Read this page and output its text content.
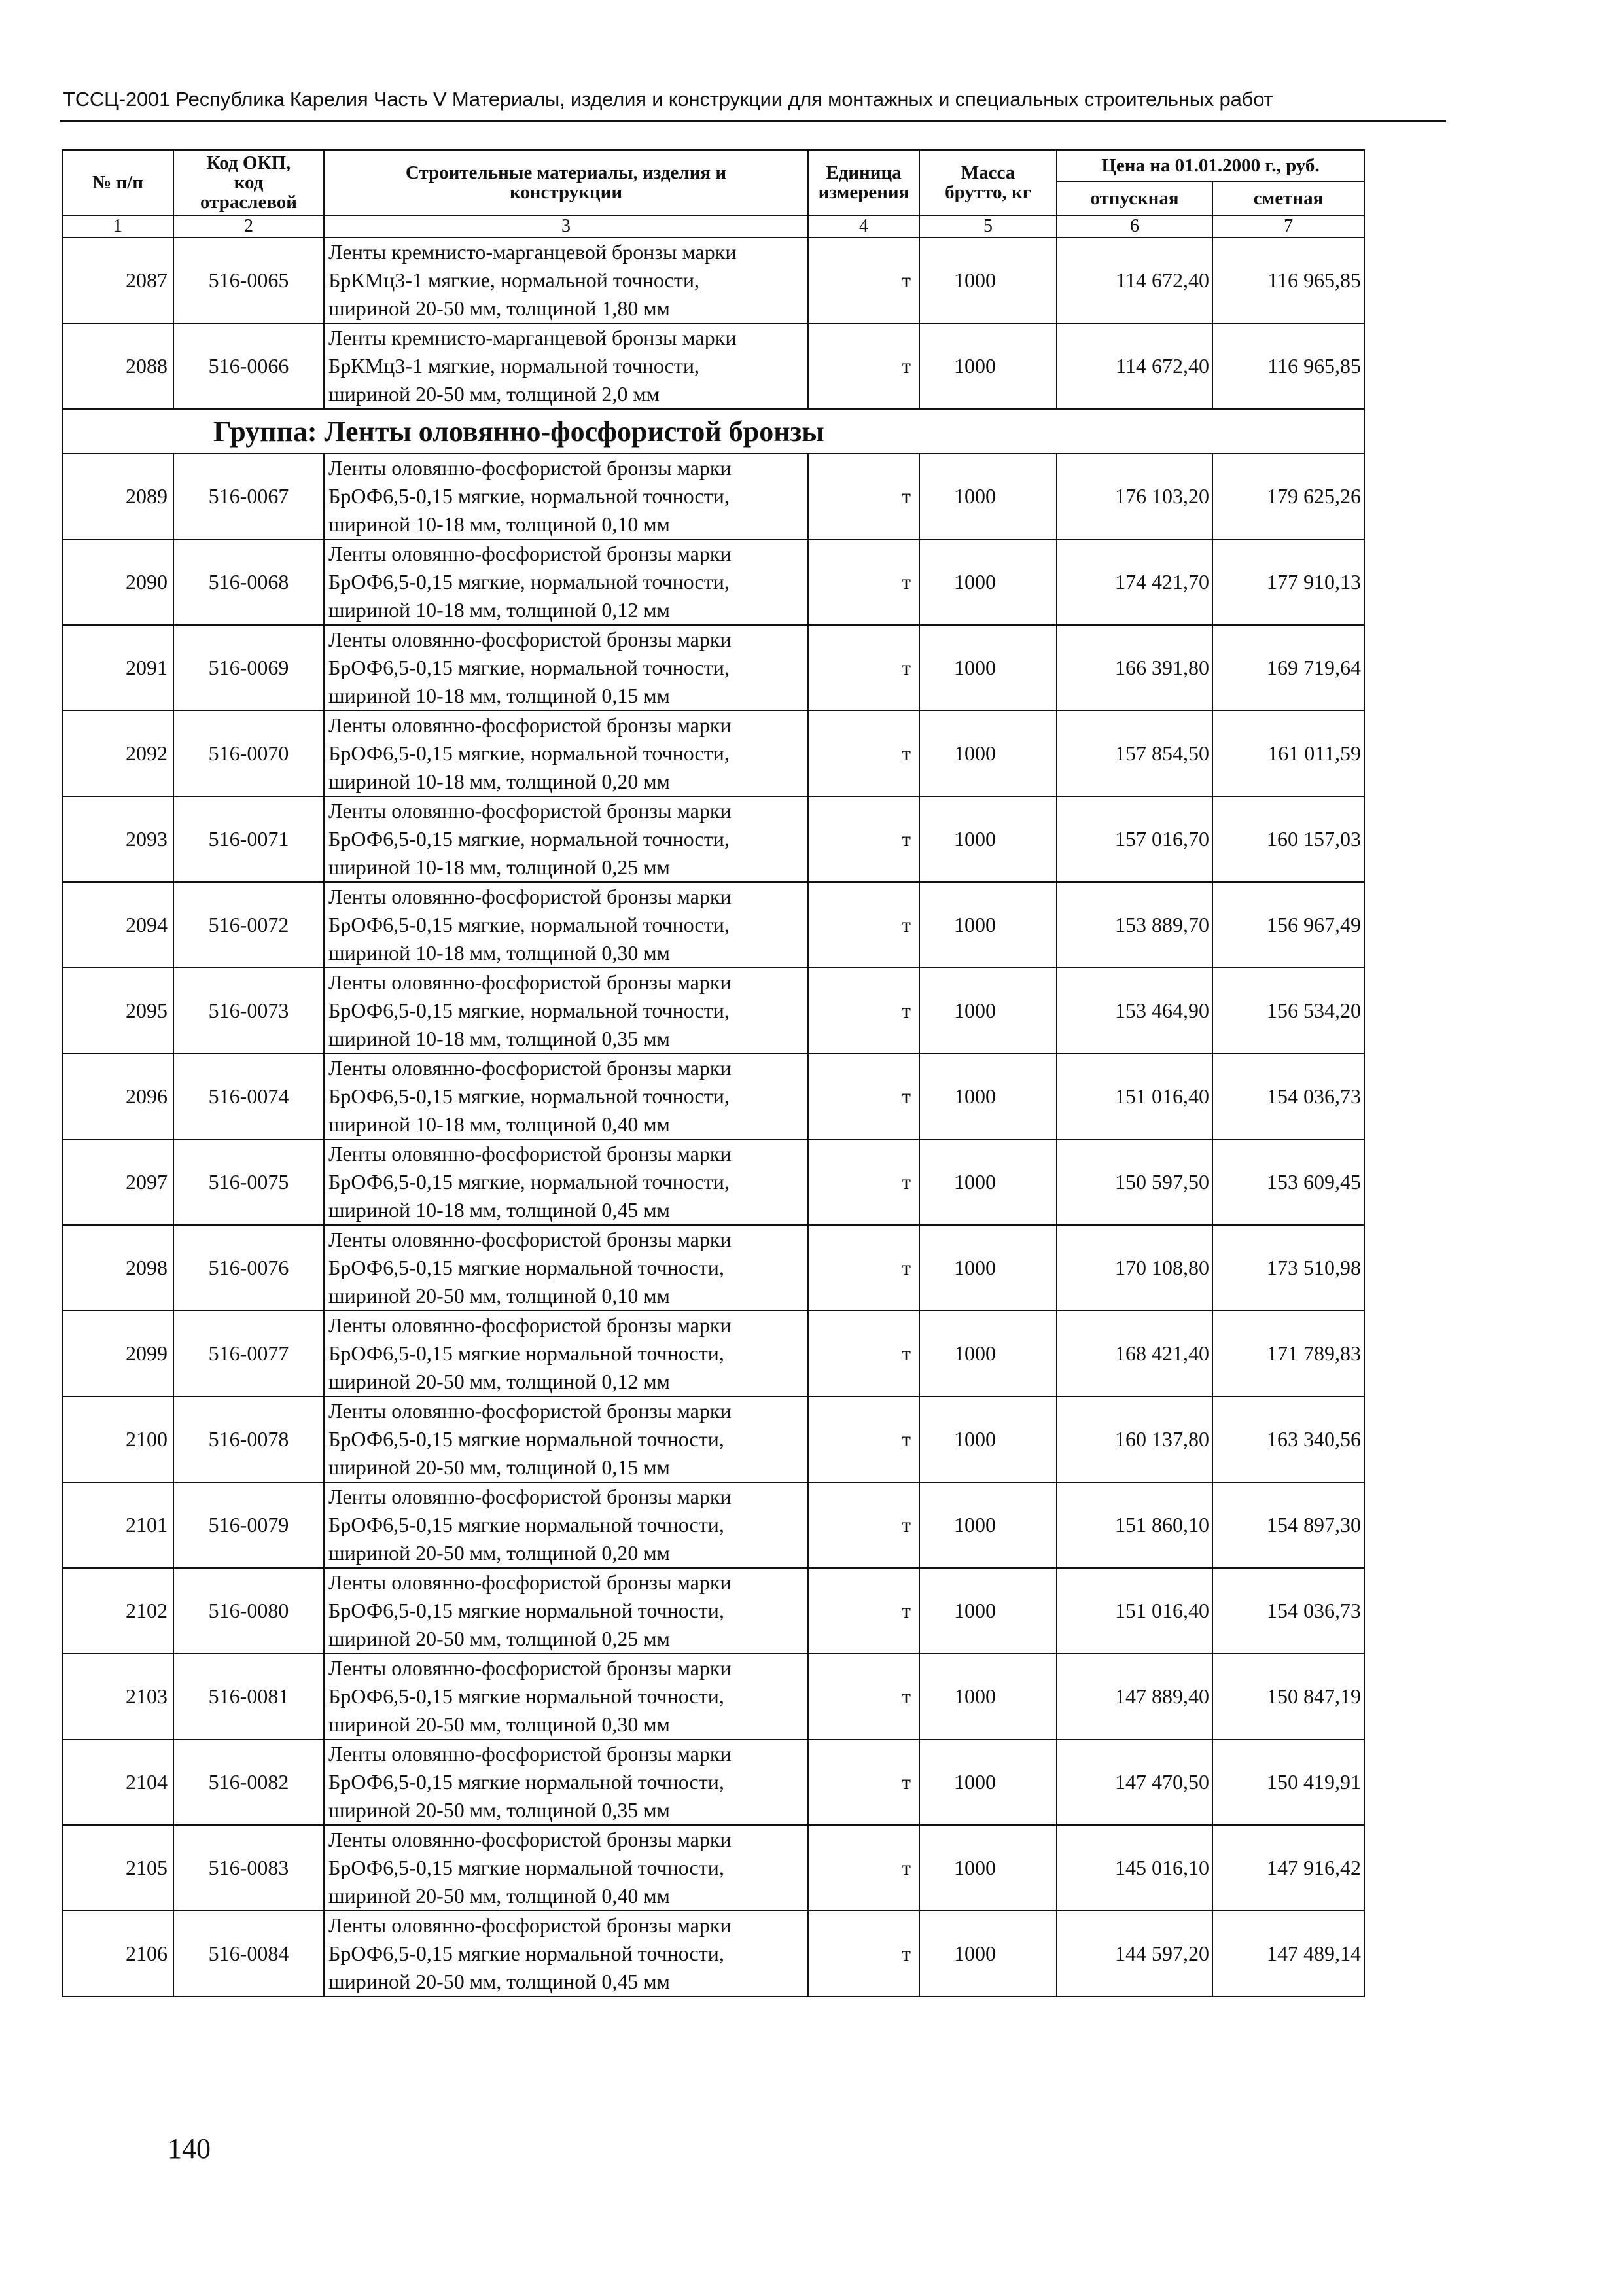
ТССЦ-2001 Республика Карелия Часть V Материалы, изделия и конструкции для монтажных и специальных строительных работ
№ п/п	Код ОКП,
код
отраслевой	Строительные материалы, изделия и
конструкции	Единица
измерения	Масса
брутто, кг	Цена на 01.01.2000 г., руб.	
					отпускная	сметная
1	2	3	4	5	6	7
2087	516-0065	Ленты кремнисто-марганцевой бронзы марки
БрКМц3-1 мягкие, нормальной точности,
шириной 20-50 мм, толщиной 1,80 мм	т	1000	114 672,40	116 965,85
2088	516-0066	Ленты кремнисто-марганцевой бронзы марки
БрКМц3-1 мягкие, нормальной точности,
шириной 20-50 мм, толщиной 2,0 мм	т	1000	114 672,40	116 965,85
Группа: Ленты оловянно-фосфористой бронзы						
2089	516-0067	Ленты оловянно-фосфористой бронзы марки
БрОФ6,5-0,15 мягкие, нормальной точности,
шириной 10-18 мм, толщиной 0,10 мм	т	1000	176 103,20	179 625,26
2090	516-0068	Ленты оловянно-фосфористой бронзы марки
БрОФ6,5-0,15 мягкие, нормальной точности,
шириной 10-18 мм, толщиной 0,12 мм	т	1000	174 421,70	177 910,13
2091	516-0069	Ленты оловянно-фосфористой бронзы марки
БрОФ6,5-0,15 мягкие, нормальной точности,
шириной 10-18 мм, толщиной 0,15 мм	т	1000	166 391,80	169 719,64
2092	516-0070	Ленты оловянно-фосфористой бронзы марки
БрОФ6,5-0,15 мягкие, нормальной точности,
шириной 10-18 мм, толщиной 0,20 мм	т	1000	157 854,50	161 011,59
2093	516-0071	Ленты оловянно-фосфористой бронзы марки
БрОФ6,5-0,15 мягкие, нормальной точности,
шириной 10-18 мм, толщиной 0,25 мм	т	1000	157 016,70	160 157,03
2094	516-0072	Ленты оловянно-фосфористой бронзы марки
БрОФ6,5-0,15 мягкие, нормальной точности,
шириной 10-18 мм, толщиной 0,30 мм	т	1000	153 889,70	156 967,49
2095	516-0073	Ленты оловянно-фосфористой бронзы марки
БрОФ6,5-0,15 мягкие, нормальной точности,
шириной 10-18 мм, толщиной 0,35 мм	т	1000	153 464,90	156 534,20
2096	516-0074	Ленты оловянно-фосфористой бронзы марки
БрОФ6,5-0,15 мягкие, нормальной точности,
шириной 10-18 мм, толщиной 0,40 мм	т	1000	151 016,40	154 036,73
2097	516-0075	Ленты оловянно-фосфористой бронзы марки
БрОФ6,5-0,15 мягкие, нормальной точности,
шириной 10-18 мм, толщиной 0,45 мм	т	1000	150 597,50	153 609,45
2098	516-0076	Ленты оловянно-фосфористой бронзы марки
БрОФ6,5-0,15 мягкие нормальной точности,
шириной 20-50 мм, толщиной 0,10 мм	т	1000	170 108,80	173 510,98
2099	516-0077	Ленты оловянно-фосфористой бронзы марки
БрОФ6,5-0,15 мягкие нормальной точности,
шириной 20-50 мм, толщиной 0,12 мм	т	1000	168 421,40	171 789,83
2100	516-0078	Ленты оловянно-фосфористой бронзы марки
БрОФ6,5-0,15 мягкие нормальной точности,
шириной 20-50 мм, толщиной 0,15 мм	т	1000	160 137,80	163 340,56
2101	516-0079	Ленты оловянно-фосфористой бронзы марки
БрОФ6,5-0,15 мягкие нормальной точности,
шириной 20-50 мм, толщиной 0,20 мм	т	1000	151 860,10	154 897,30
2102	516-0080	Ленты оловянно-фосфористой бронзы марки
БрОФ6,5-0,15 мягкие нормальной точности,
шириной 20-50 мм, толщиной 0,25 мм	т	1000	151 016,40	154 036,73
2103	516-0081	Ленты оловянно-фосфористой бронзы марки
БрОФ6,5-0,15 мягкие нормальной точности,
шириной 20-50 мм, толщиной 0,30 мм	т	1000	147 889,40	150 847,19
2104	516-0082	Ленты оловянно-фосфористой бронзы марки
БрОФ6,5-0,15 мягкие нормальной точности,
шириной 20-50 мм, толщиной 0,35 мм	т	1000	147 470,50	150 419,91
2105	516-0083	Ленты оловянно-фосфористой бронзы марки
БрОФ6,5-0,15 мягкие нормальной точности,
шириной 20-50 мм, толщиной 0,40 мм	т	1000	145 016,10	147 916,42
2106	516-0084	Ленты оловянно-фосфористой бронзы марки
БрОФ6,5-0,15 мягкие нормальной точности,
шириной 20-50 мм, толщиной 0,45 мм	т	1000	144 597,20	147 489,14
140
